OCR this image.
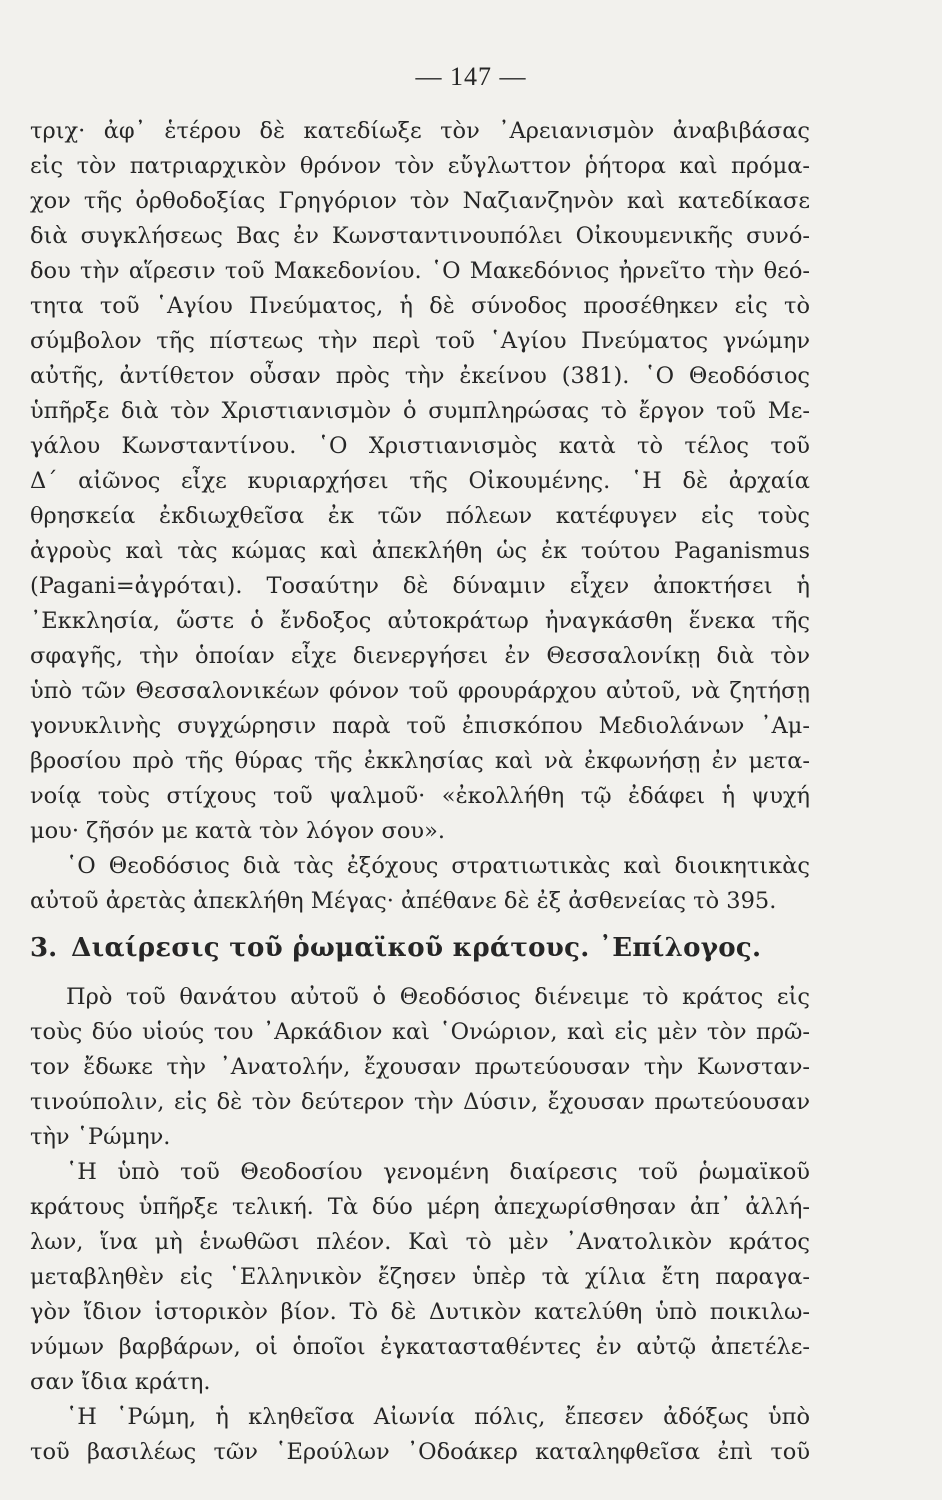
— 147 —
τριχ· ἀφ᾽ ἑτέρου δὲ κατεδίωξε τὸν ᾿Αρειανισμὸν ἀναβιβάσας
εἰς τὸν πατριαρχικὸν θρόνον τὸν εὔγλωττον ῥήτορα καὶ πρόμα-
χον τῆς ὀρθοδοξίας Γρηγόριον τὸν Ναζιανζηνὸν καὶ κατεδίκασε
διὰ συγκλήσεως Βας ἐν Κωνσταντινουπόλει Οἰκουμενικῆς συνό-
δου τὴν αἵρεσιν τοῦ Μακεδονίου. ῾Ο Μακεδόνιος ἠρνεῖτο τὴν θεό-
τητα τοῦ ῾Αγίου Πνεύματος, ἡ δὲ σύνοδος προσέθηκεν εἰς τὸ
σύμβολον τῆς πίστεως τὴν περὶ τοῦ ῾Αγίου Πνεύματος γνώμην
αὐτῆς, ἀντίθετον οὖσαν πρὸς τὴν ἐκείνου (381). ῾Ο Θεοδόσιος
ὑπῆρξε διὰ τὸν Χριστιανισμὸν ὁ συμπληρώσας τὸ ἔργον τοῦ Με-
γάλου Κωνσταντίνου. ῾Ο Χριστιανισμὸς κατὰ τὸ τέλος τοῦ
Δ´ αἰῶνος εἶχε κυριαρχήσει τῆς Οἰκουμένης. ῾Η δὲ ἀρχαία
θρησκεία ἐκδιωχθεῖσα ἐκ τῶν πόλεων κατέφυγεν εἰς τοὺς
ἀγροὺς καὶ τὰς κώμας καὶ ἀπεκλήθη ὡς ἐκ τούτου Paganismus
(Pagani=ἀγρόται). Τοσαύτην δὲ δύναμιν εἶχεν ἀποκτήσει ἡ
᾿Εκκλησία, ὥστε ὁ ἔνδοξος αὐτοκράτωρ ἠναγκάσθη ἕνεκα τῆς
σφαγῆς, τὴν ὁποίαν εἶχε διενεργήσει ἐν Θεσσαλονίκῃ διὰ τὸν
ὑπὸ τῶν Θεσσαλονικέων φόνον τοῦ φρουράρχου αὐτοῦ, νὰ ζητήσῃ
γονυκλινὴς συγχώρησιν παρὰ τοῦ ἐπισκόπου Μεδιολάνων ᾿Αμ-
βροσίου πρὸ τῆς θύρας τῆς ἐκκλησίας καὶ νὰ ἐκφωνήσῃ ἐν μετα-
νοίᾳ τοὺς στίχους τοῦ ψαλμοῦ· «ἐκολλήθη τῷ ἐδάφει ἡ ψυχή
μου· ζῆσόν με κατὰ τὸν λόγον σου».
῾Ο Θεοδόσιος διὰ τὰς ἐξόχους στρατιωτικὰς καὶ διοικητικὰς
αὐτοῦ ἀρετὰς ἀπεκλήθη Μέγας· ἀπέθανε δὲ ἐξ ἀσθενείας τὸ 395.
3. Διαίρεσις τοῦ ῥωμαϊκοῦ κράτους. ᾿Επίλογος.
Πρὸ τοῦ θανάτου αὐτοῦ ὁ Θεοδόσιος διένειμε τὸ κράτος εἰς
τοὺς δύο υἱούς του ᾿Αρκάδιον καὶ ῾Ονώριον, καὶ εἰς μὲν τὸν πρῶ-
τον ἔδωκε τὴν ᾿Ανατολήν, ἔχουσαν πρωτεύουσαν τὴν Κωνσταν-
τινούπολιν, εἰς δὲ τὸν δεύτερον τὴν Δύσιν, ἔχουσαν πρωτεύουσαν
τὴν ῾Ρώμην.
῾Η ὑπὸ τοῦ Θεοδοσίου γενομένη διαίρεσις τοῦ ῥωμαϊκοῦ
κράτους ὑπῆρξε τελική. Τὰ δύο μέρη ἀπεχωρίσθησαν ἀπ᾽ ἀλλή-
λων, ἵνα μὴ ἑνωθῶσι πλέον. Καὶ τὸ μὲν ᾿Ανατολικὸν κράτος
μεταβληθὲν εἰς ῾Ελληνικὸν ἔζησεν ὑπὲρ τὰ χίλια ἔτη παραγα-
γὸν ἴδιον ἱστορικὸν βίον. Τὸ δὲ Δυτικὸν κατελύθη ὑπὸ ποικιλω-
νύμων βαρβάρων, οἱ ὁποῖοι ἐγκατασταθέντες ἐν αὐτῷ ἀπετέλε-
σαν ἴδια κράτη.
῾Η ῾Ρώμη, ἡ κληθεῖσα Αἰωνία πόλις, ἔπεσεν ἀδόξως ὑπὸ
τοῦ βασιλέως τῶν ῾Ερούλων ᾿Οδοάκερ καταληφθεῖσα ἐπὶ τοῦ
